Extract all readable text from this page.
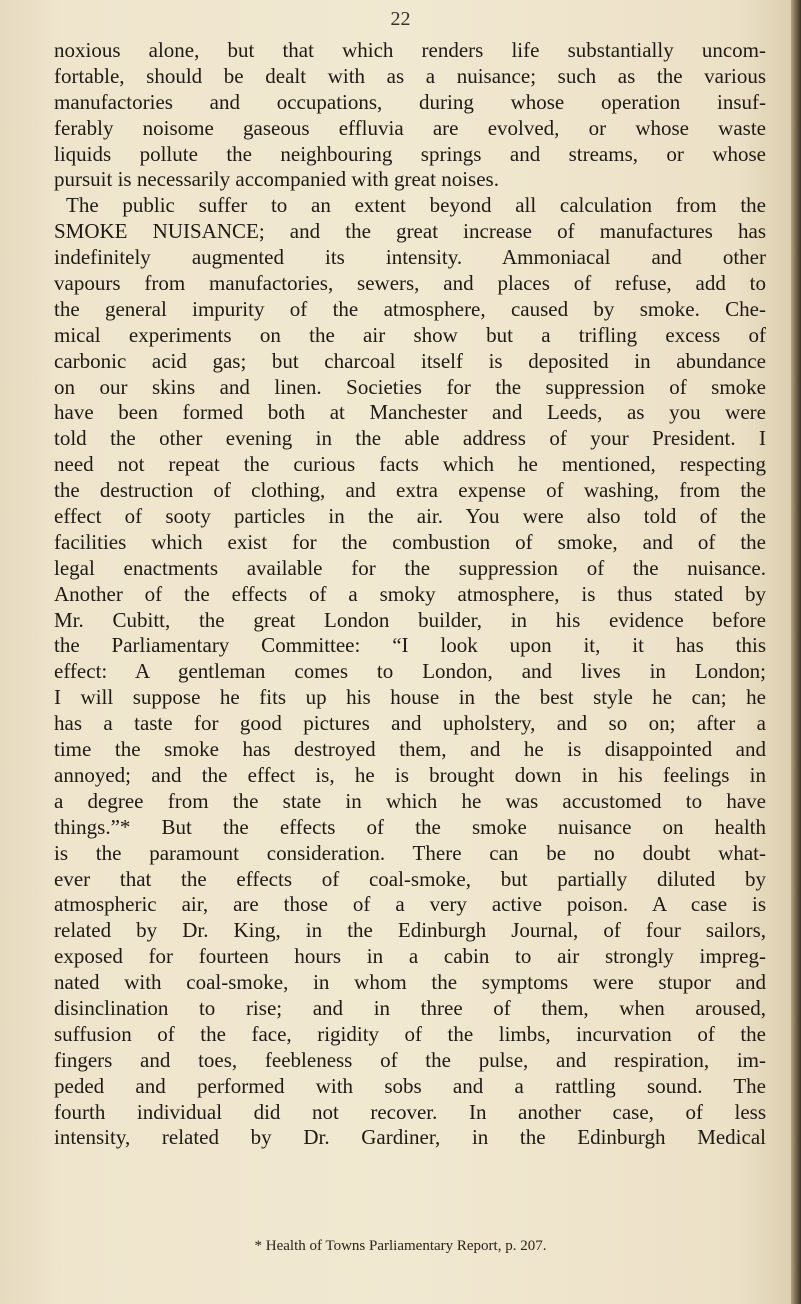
22
noxious alone, but that which renders life substantially uncom-
fortable, should be dealt with as a nuisance; such as the various
manufactories and occupations, during whose operation insuf-
ferably noisome gaseous effluvia are evolved, or whose waste
liquids pollute the neighbouring springs and streams, or whose
pursuit is necessarily accompanied with great noises.
The public suffer to an extent beyond all calculation from the
SMOKE NUISANCE; and the great increase of manufactures has
indefinitely augmented its intensity. Ammoniacal and other
vapours from manufactories, sewers, and places of refuse, add to
the general impurity of the atmosphere, caused by smoke. Che-
mical experiments on the air show but a trifling excess of
carbonic acid gas; but charcoal itself is deposited in abundance
on our skins and linen. Societies for the suppression of smoke
have been formed both at Manchester and Leeds, as you were
told the other evening in the able address of your President. I
need not repeat the curious facts which he mentioned, respecting
the destruction of clothing, and extra expense of washing, from the
effect of sooty particles in the air. You were also told of the
facilities which exist for the combustion of smoke, and of the
legal enactments available for the suppression of the nuisance.
Another of the effects of a smoky atmosphere, is thus stated by
Mr. Cubitt, the great London builder, in his evidence before
the Parliamentary Committee: “I look upon it, it has this
effect: A gentleman comes to London, and lives in London;
I will suppose he fits up his house in the best style he can; he
has a taste for good pictures and upholstery, and so on; after a
time the smoke has destroyed them, and he is disappointed and
annoyed; and the effect is, he is brought down in his feelings in
a degree from the state in which he was accustomed to have
things.”* But the effects of the smoke nuisance on health
is the paramount consideration. There can be no doubt what-
ever that the effects of coal-smoke, but partially diluted by
atmospheric air, are those of a very active poison. A case is
related by Dr. King, in the Edinburgh Journal, of four sailors,
exposed for fourteen hours in a cabin to air strongly impreg-
nated with coal-smoke, in whom the symptoms were stupor and
disinclination to rise; and in three of them, when aroused,
suffusion of the face, rigidity of the limbs, incurvation of the
fingers and toes, feebleness of the pulse, and respiration, im-
peded and performed with sobs and a rattling sound. The
fourth individual did not recover. In another case, of less
intensity, related by Dr. Gardiner, in the Edinburgh Medical
* Health of Towns Parliamentary Report, p. 207.
